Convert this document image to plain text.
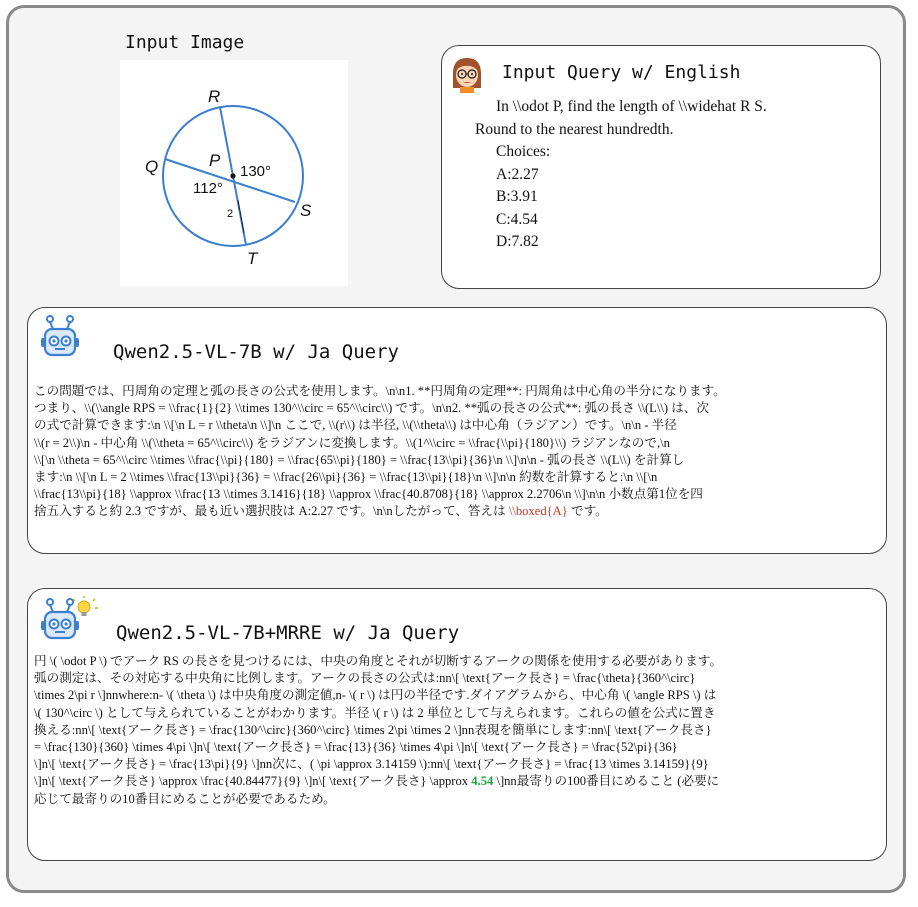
Input Image
R
Q	P
S
T
130°
112°
2
Input Query w/ English
In \\odot P, find the length of \\widehat R S.
Round to the nearest hundredth.
Choices:
A:2.27
B:3.91
C:4.54
D:7.82
Qwen2.5-VL-7B w/ Ja Query
この問題では、円周角の定理と弧の長さの公式を使用します。\n\n1. **円周角の定理**: 円周角は中心角の半分になります。
つまり、\\(\\angle RPS = \\frac{1}{2} \\times 130^\\circ = 65^\\circ\\) です。\n\n2. **弧の長さの公式**: 弧の長さ \\(L\\) は、次
の式で計算できます:\n \\[\n L = r \\theta\n \\]\n ここで, \\(r\\) は半径, \\(\\theta\\) は中心角（ラジアン）です。\n\n - 半径
\\(r = 2\\)\n - 中心角 \\(\\theta = 65^\\circ\\) をラジアンに変換します。\\(1^\\circ = \\frac{\\pi}{180}\\) ラジアンなので,\n
\\[\n \\theta = 65^\\circ \\times \\frac{\\pi}{180} = \\frac{65\\pi}{180} = \\frac{13\\pi}{36}\n \\]\n\n - 弧の長さ \\(L\\) を計算し
ます:\n \\[\n L = 2 \\times \\frac{13\\pi}{36} = \\frac{26\\pi}{36} = \\frac{13\\pi}{18}\n \\]\n\n 約数を計算すると:\n \\[\n
\\frac{13\\pi}{18} \\approx \\frac{13 \\times 3.1416}{18} \\approx \\frac{40.8708}{18} \\approx 2.2706\n \\]\n\n 小数点第1位を四
捨五入すると約 2.3 ですが、最も近い選択肢は A:2.27 です。\n\nしたがって、答えは \\boxed{A} です。
Qwen2.5-VL-7B+MRRE w/ Ja Query
円 \( \odot P \) でアーク RS の長さを見つけるには、中央の角度とそれが切断するアークの関係を使用する必要があります。
弧の測定は、その対応する中央角に比例します。アークの長さの公式は:nn\[ \text{アーク長さ} = \frac{\theta}{360^\circ}
\times 2\pi r \]nnwhere:n- \( \theta \) は中央角度の測定値,n- \( r \) は円の半径です.ダイアグラムから、中心角 \( \angle RPS \) は
\( 130^\circ \) として与えられていることがわかります。半径 \( r \) は 2 単位として与えられます。これらの値を公式に置き
換える:nn\[ \text{アーク長さ} = \frac{130^\circ}{360^\circ} \times 2\pi \times 2 \]nn表現を簡単にします:nn\[ \text{アーク長さ}
= \frac{130}{360} \times 4\pi \]n\[ \text{アーク長さ} = \frac{13}{36} \times 4\pi \]n\[ \text{アーク長さ} = \frac{52\pi}{36}
\]n\[ \text{アーク長さ} = \frac{13\pi}{9} \]nn次に、( \pi \approx 3.14159 \):nn\[ \text{アーク長さ} = \frac{13 \times 3.14159}{9}
\]n\[ \text{アーク長さ} \approx \frac{40.84477}{9} \]n\[ \text{アーク長さ} \approx 4.54 \]nn最寄りの100番目にめること (必要に
応じて最寄りの10番目にめることが必要であるため。
